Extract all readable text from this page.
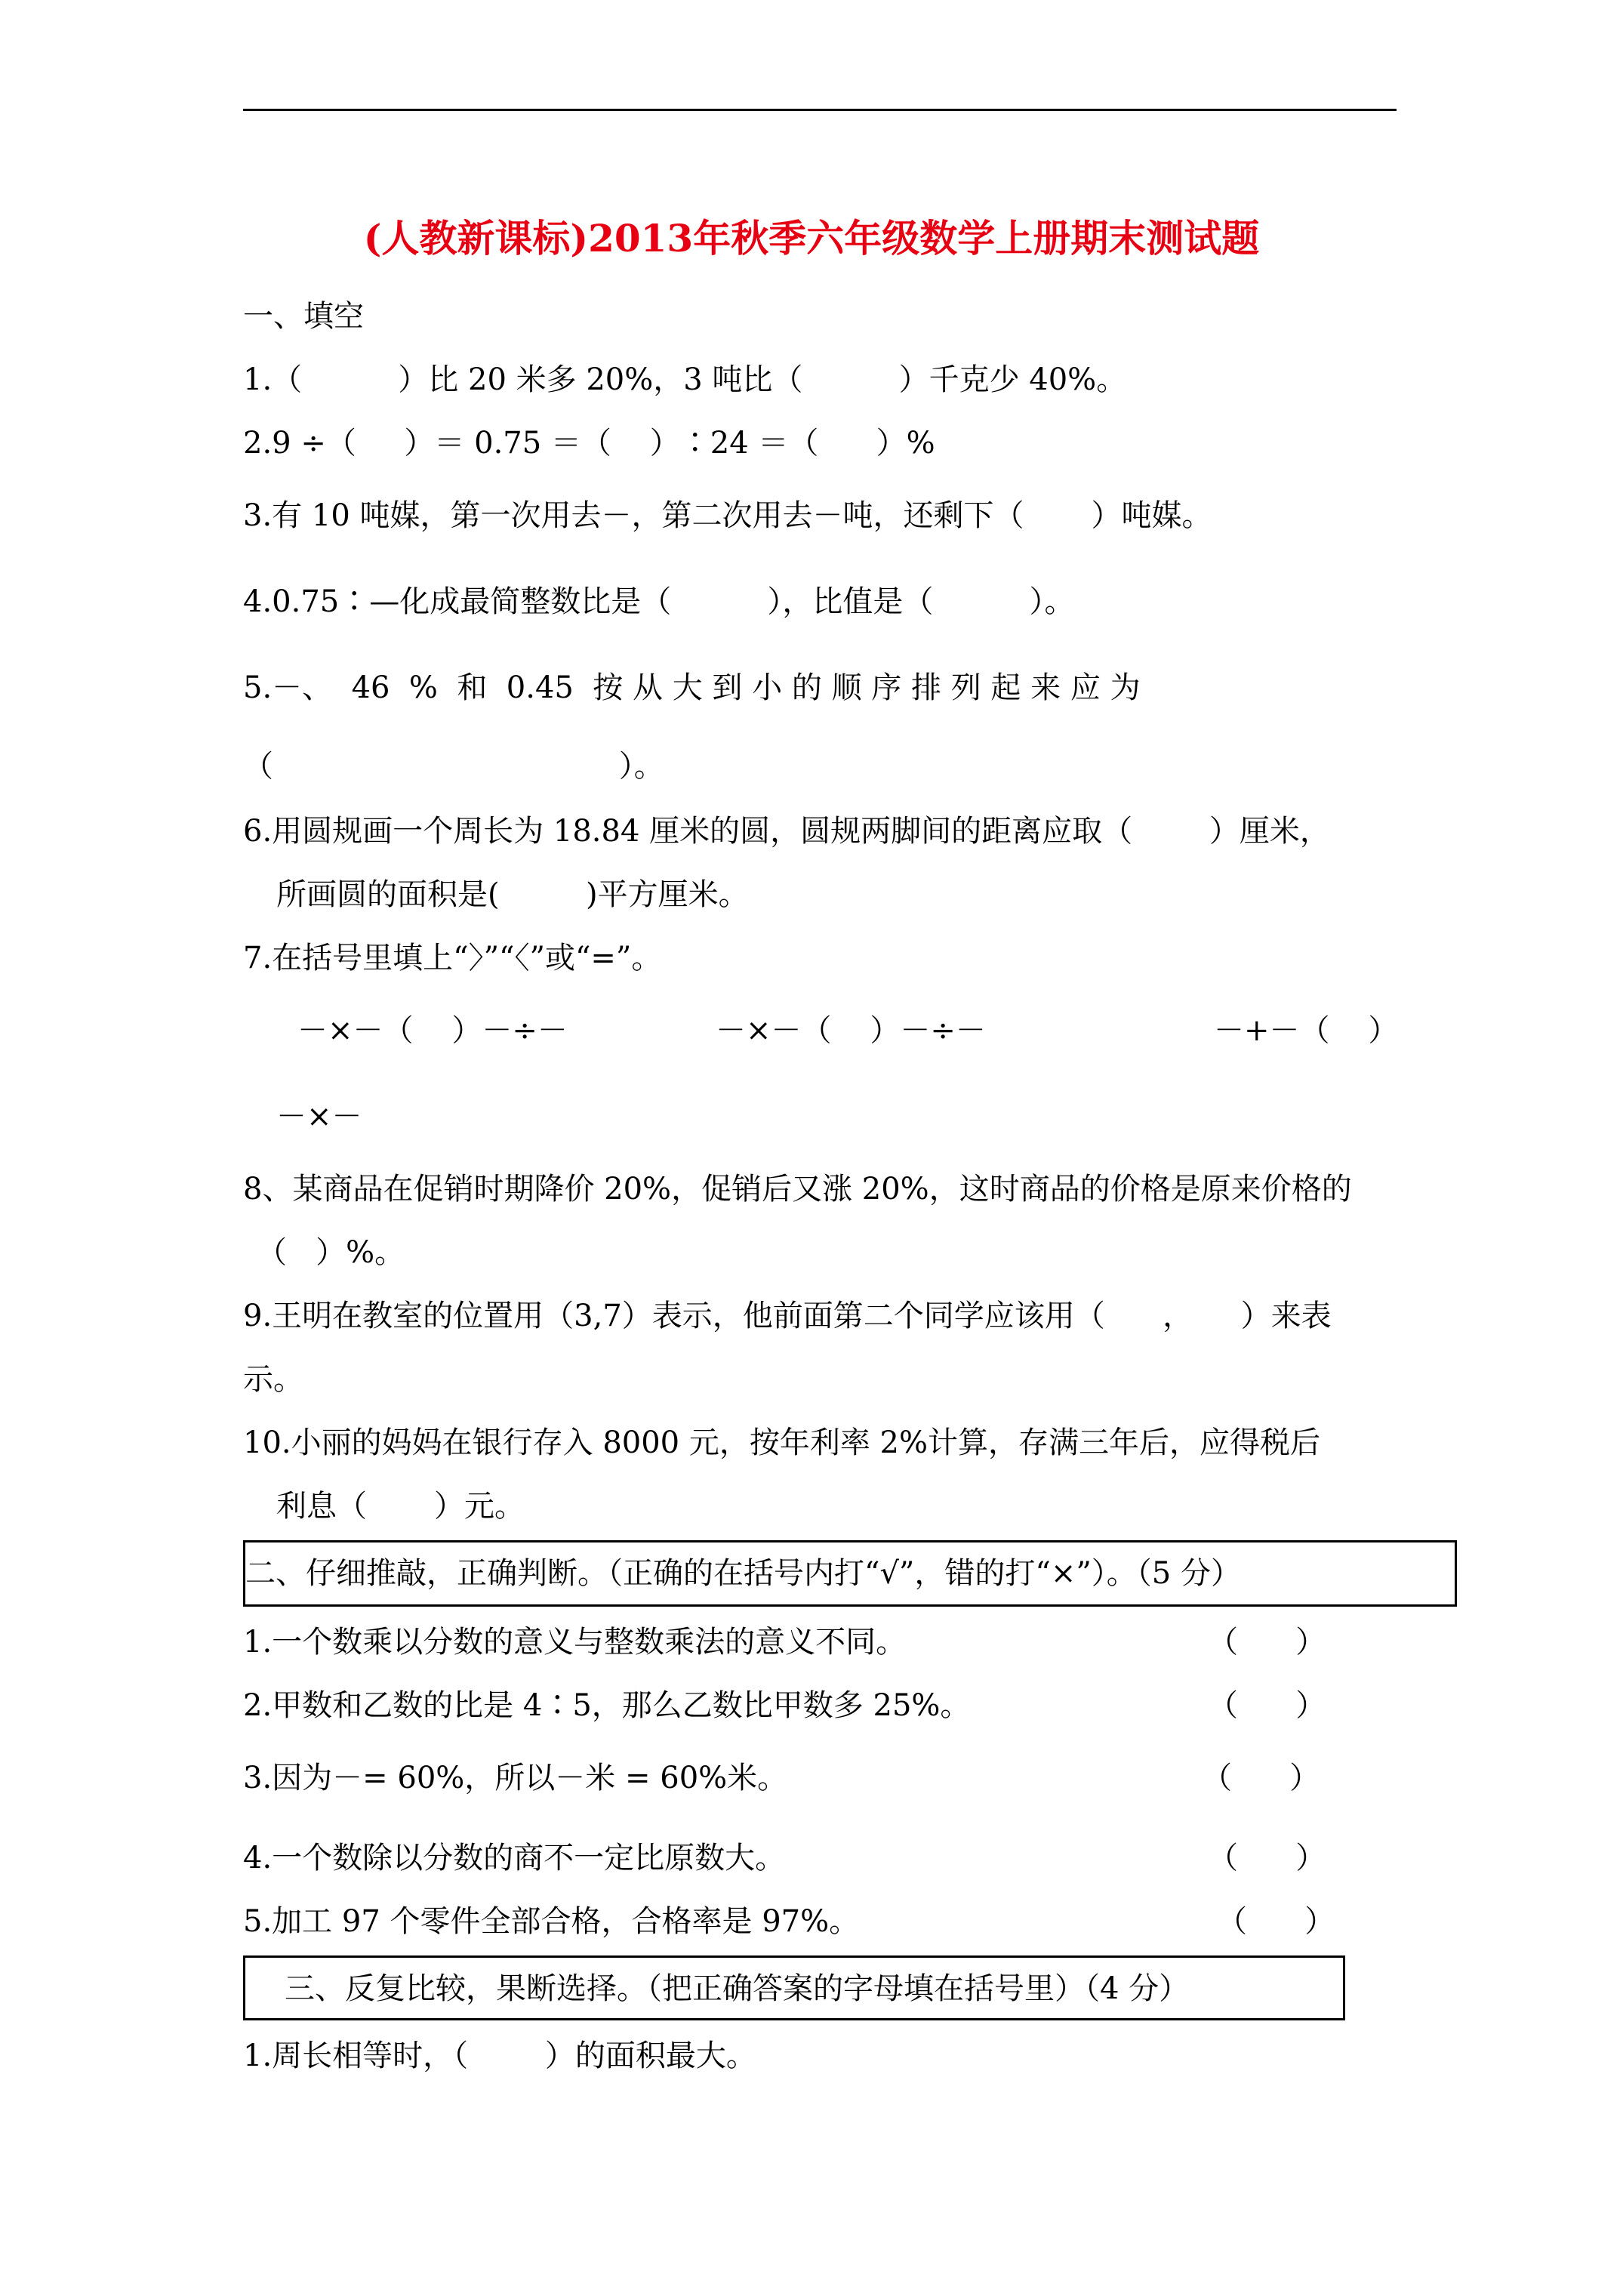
(人教新课标)2013年秋季六年级数学上册期末测试题
一、填空
1.（          ）比 20 米多 20%，3 吨比（          ）千克少 40%。
2.9 ÷（     ）＝ 0.75 ＝（    ）∶24 ＝（      ）%
3.有 10 吨媒，第一次用去－，第二次用去－吨，还剩下（       ）吨媒。
4.0.75∶—化成最简整数比是（          ），比值是（          ）。
5.－、  46  %  和  0.45  按 从 大 到 小 的 顺 序 排 列 起 来 应 为
（                                    ）。
6.用圆规画一个周长为 18.84 厘米的圆，圆规两脚间的距离应取（        ）厘米，
所画圆的面积是(         )平方厘米。
7.在括号里填上“〉”“〈”或“=”。
－×－（    ）－÷－	－×－（    ）－÷－	－+－（    ）
－×－
8、某商品在促销时期降价 20%，促销后又涨 20%，这时商品的价格是原来价格的
（   ）%。
9.王明在教室的位置用（3,7）表示，他前面第二个同学应该用（      ，     ）来表
示。
10.小丽的妈妈在银行存入 8000 元，按年利率 2%计算，存满三年后，应得税后
利息（       ）元。
二、仔细推敲，正确判断。（正确的在括号内打“√”，错的打“×”）。（5 分）
1.一个数乘以分数的意义与整数乘法的意义不同。	（      ）
2.甲数和乙数的比是 4∶5，那么乙数比甲数多 25%。	（      ）
3.因为－= 60%，所以－米 = 60%米。	（      ）
4.一个数除以分数的商不一定比原数大。	（      ）
5.加工 97 个零件全部合格，合格率是 97%。	（      ）
三、反复比较，果断选择。（把正确答案的字母填在括号里）（4 分）
1.周长相等时，（        ）的面积最大。
